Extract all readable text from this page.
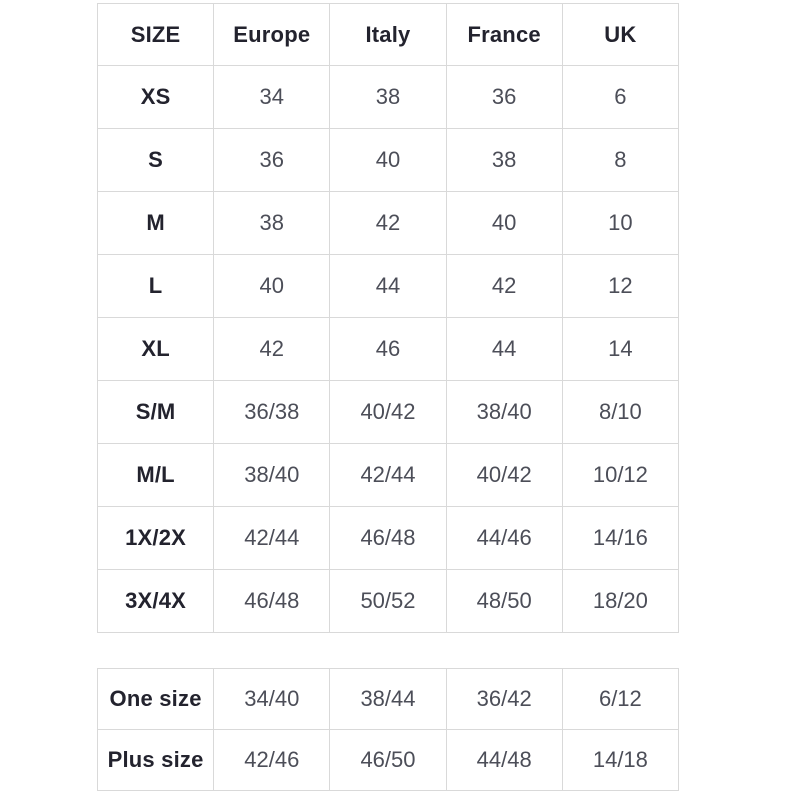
SIZE	Europe	Italy	France	UK
XS	34	38	36	6
S	36	40	38	8
M	38	42	40	10
L	40	44	42	12
XL	42	46	44	14
S/M	36/38	40/42	38/40	8/10
M/L	38/40	42/44	40/42	10/12
1X/2X	42/44	46/48	44/46	14/16
3X/4X	46/48	50/52	48/50	18/20
One size	34/40	38/44	36/42	6/12
Plus size	42/46	46/50	44/48	14/18
